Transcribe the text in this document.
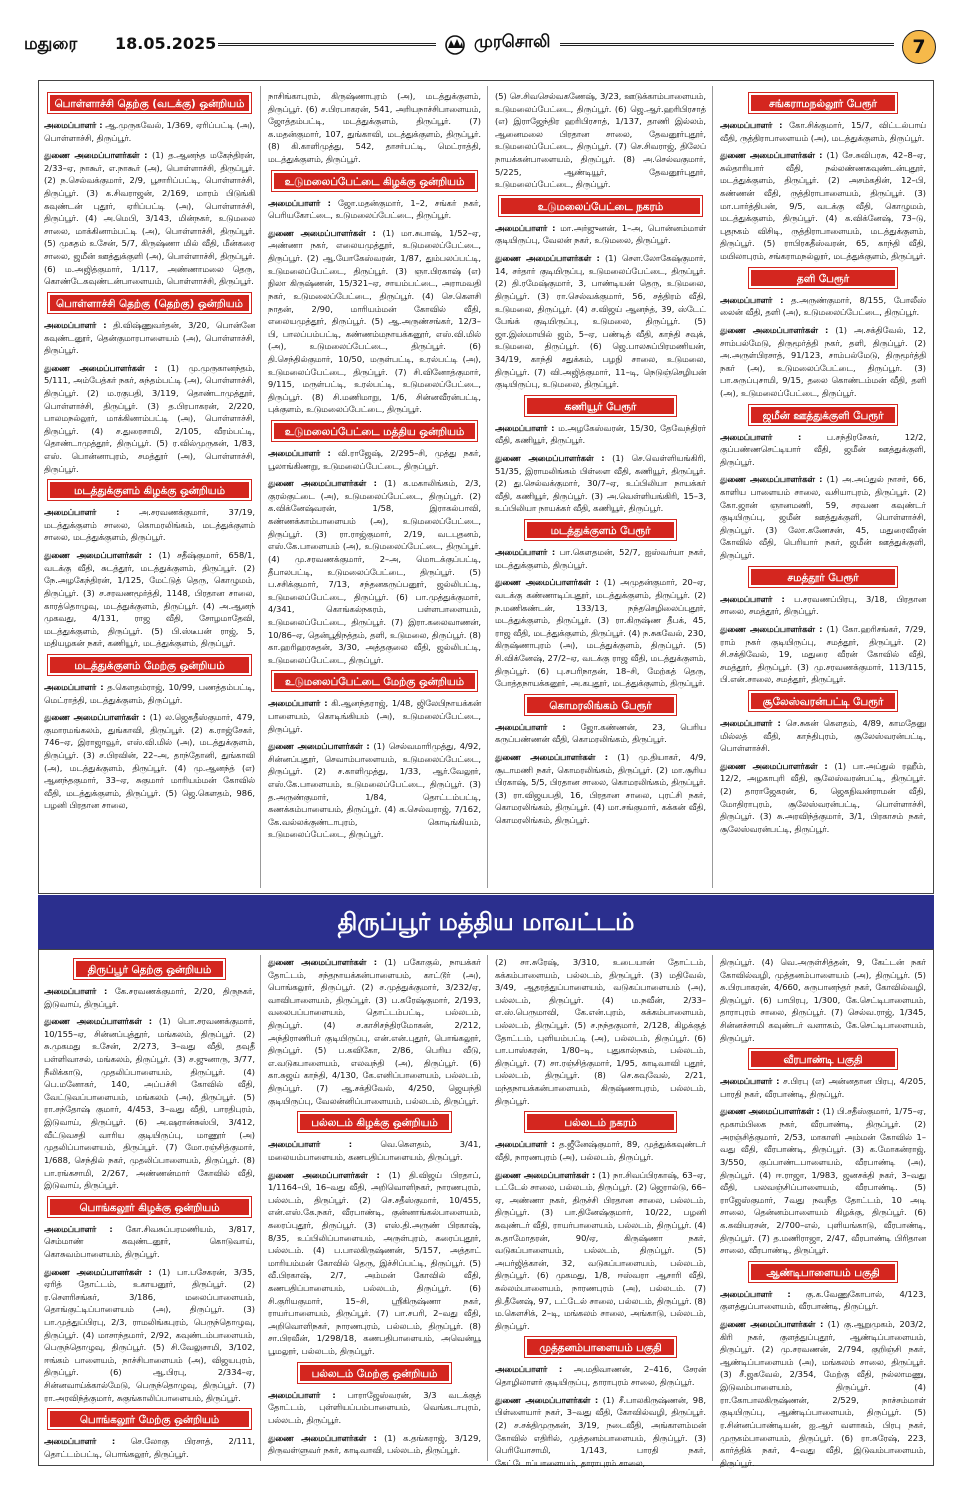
மதுரை 18.05.2025	முரசொலி	7
பொள்ளாச்சி தெற்கு (வடக்கு) ஒன்றியம்

அமைப்பாளர் : ஆ.முருகவேல், 1/369, ஏரிப்பட்டி (அ), பொள்ளாச்சி, திருப்பூர்.

துணை அமைப்பாளர்கள் : (1) த.ஆனந்த மகேந்திரன், 2/33–ஏ, நாகூர், எ.நாகூர் (அ), பொள்ளாச்சி, திருப்பூர். (2) ந.செல்வக்குமார், 2/9, பூசாரிப்பட்டி, பொள்ளாச்சி, திருப்பூர். (3) க.சிவராஜன், 2/169, மாரம் பிடுங்கி கவுண்டன் புதூர், ஏரிப்பட்டி (அ), பொள்ளாச்சி, திருப்பூர். (4) அ.மெபி, 3/143, மின்நகர், உடுமலை சாலை, மாக்கினாம்பட்டி (அ), பொள்ளாச்சி, திருப்பூர். (5) முகதம் உசேன், 5/7, கிருஷ்ணா மில் வீதி, மீன்கரை சாலை, ஜமீன் ஊத்துக்குளி (அ), பொள்ளாச்சி, திருப்பூர். (6) ம.அஜித்குமார், 1/117, அண்ணாமலை தெரு, கொண்டேகவுண்டன்பாளையம், பொள்ளாச்சி, திருப்பூர்.

பொள்ளாச்சி தெற்கு (தெற்கு) ஒன்றியம்

அமைப்பாளர் : தி.விஷ்ணுவர்தன், 3/20, பொன்னே கவுண்டனூர், தென்குமாரபாளையம் (அ), பொள்ளாச்சி, திருப்பூர்.

துணை அமைப்பாளர்கள் : (1) மு.முருகானந்தம், 5/111, அம்பேத்கர் நகர், சுந்தம்பட்டி (அ), பொள்ளாச்சி, திருப்பூர். (2) ம.ரகுபதி, 3/119, தொண்டாமுத்தூர், பொள்ளாச்சி, திருப்பூர். (3) த.பிரபாகரன், 2/220, பாலமநல்லூர், மாக்கினாம்பட்டி (அ), பொள்ளாச்சி, திருப்பூர். (4) ச.துரைசாமி, 2/105, வீரம்பட்டி, தொண்டாமுத்தூர், திருப்பூர். (5) ர.வில்முருகன், 1/83, எஸ். பொன்னாபுரம், சமத்தூர் (அ), பொள்ளாச்சி, திருப்பூர்.

மடத்துக்குளம் கிழக்கு ஒன்றியம்

அமைப்பாளர் : அ.சரவணக்குமார், 37/19, மடத்துக்குளம் சாலை, கொமரலிங்கம், மடத்துக்குளம் சாலை, மடத்துக்குளம், திருப்பூர்.

துணை அமைப்பாளர்கள் : (1) சதீஷ்குமார், 658/1, வடக்கு வீதி, சுடத்தூர், மடத்துக்குளம், திருப்பூர். (2) நே.அழகேந்திரன், 1/125, மேட்டுத் தெரு, கொழுமம், திருப்பூர். (3) ச.சரவணமூர்த்தி, 1148, பிரதான சாலை, காரத்தொழுவு, மடத்துக்குளம், திருப்பூர். (4) அ.ஆனந் முகவது, 4/131, ராஜ வீதி, சோழமாதேவி, மடத்துக்குளம், திருப்பூர். (5) பி.ஸ்டீபன் ராஜ், 5, மதியழகன் நகர், கணியூர், மடத்துக்குளம், திருப்பூர்.

மடத்துக்குளம் மேற்கு ஒன்றியம்

அமைப்பாளர் : த.கௌதம்ராஜ், 10/99, பணத்தம்பட்டி, மெட்ராத்தி, மடத்துக்குளம், திருப்பூர்.

துணை அமைப்பாளர்கள் : (1) ல.ஜெகதீஸ்குமார், 479, குமாரமங்கலம், துங்காவி, திருப்பூர். (2) க.ராஜ்சேகர், 746–ஏ, இராஜாவூர், எஸ்.வி.மில் (அ), மடத்துக்குளம், திருப்பூர். (3) ச.பிரவின், 22–அ, தாந்தோனி, துங்காவி (அ), மடத்துக்குளம், திருப்பூர். (4) மு.ஆனந்த் (எ) ஆனந்தகுமார், 33–ஏ, சுகுமார் மாரியம்மன் கோவில் வீதி, மடத்துக்குளம், திருப்பூர். (5) ஜெ.கௌதம், 986, பழனி பிரதான சாலை,

நாசிங்காபுரம், கிருஷ்ணாபுரம் (அ), மடத்துக்குளம், திருப்பூர். (6) ச.பிரபாகரன், 541, அரியநாச்சிபாளையம், ஜோத்தம்பட்டி, மடத்துக்குளம், திருப்பூர். (7) க.மதன்குமார், 107, துங்காவி, மடத்துக்குளம், திருப்பூர். (8) கி.காளிமுத்து, 542, தாசர்பட்டி, மெட்ராத்தி, மடத்துக்குளம், திருப்பூர்.

உடுமலைப்பேட்டை கிழக்கு ஒன்றியம்

அமைப்பாளர் : ஜோ.மதன்குமார், 1–2, சங்கர் நகர், பெரியகோட்டை, உடுமலைப்பேட்டை, திருப்பூர்.

துணை அமைப்பாளர்கள் : (1) மா.சுபாஷ், 1/52–ஏ, அண்ணா நகர், எலையமுத்தூர், உடுமலைப்பேட்டை, திருப்பூர். (2) ஆ.யோகேஸ்வரன், 1/87, தும்பலப்பட்டி, உடுமலைப்பேட்டை, திருப்பூர். (3) ஞா.பிரகாஷ் (எ) நிலா கிருஷ்ணன், 15/321–ஏ, சாயம்பட்டை, அராமவதி நகர், உடுமலைப்பேட்டை, திருப்பூர். (4) செ.கௌசி நாதன், 2/90, மாரியம்மன் கோவில் வீதி, எலையமுத்தூர், திருப்பூர். (5) ஆ.அருண்சங்கர், 12/3–பி, பாலப்பம்பட்டி, கண்ணம்மநாயக்கனூர், எஸ்.வி.மில் (அ), உடுமலைப்பேட்டை, திருப்பூர். (6) தி.செந்தில்குமார், 10/50, மருள்பட்டி, உரல்பட்டி (அ), உடுமலைப்பேட்டை, திருப்பூர். (7) சி.வினோத்குமார், 9/115, மருள்பட்டி, உரல்பட்டி, உடுமலைப்பேட்டை, திருப்பூர். (8) சி.மணிமாறு, 1/6, சின்னவீரன்பட்டி, புக்குளம், உடுமலைப்பேட்டை, திருப்பூர்.

உடுமலைப்பேட்டை மத்திய ஒன்றியம்

அமைப்பாளர் : வி.ராஜேஷ், 2/295–சி, முத்து நகர், பூலாங்கிணறு, உடுமலைப்பேட்டை, திருப்பூர்.

துணை அமைப்பாளர்கள் : (1) க.மகாலிங்கம், 2/3, குரல்குட்டை (அ), உடுமலைப்பேட்டை, திருப்பூர். (2) க.விக்னேஷ்வரன், 1/58, இராகல்பாவி, கண்ணக்காம்பாளையம் (அ), உடுமலைப்பேட்டை, திருப்பூர். (3) ரா.ராஜ்குமார், 2/19, வடபுதனம், எஸ்.கே.பாளையம் (அ), உடுமலைப்பேட்டை, திருப்பூர். (4) மு.சரவணக்குமார், 2–அ, மொடக்குப்பட்டி, தீபாலபட்டி, உடுமலைப்பேட்டை, திருப்பூர். (5) ப.சசிக்குமார், 7/13, சந்தனகருப்பனூர், ஜல்லிபட்டி, உடுமலைப்பேட்டை, திருப்பூர். (6) பா.முத்துக்குமார், 4/341, கொங்கல்நகரம், பள்ளபாளையம், உடுமலைப்பேட்டை, திருப்பூர். (7) இரா.கலைவாணன், 10/86–ஏ, தென்பூதிநத்தம், தளி, உடுமலை, திருப்பூர். (8) கா.ஹரிஹரசுதன், 3/30, அத்தகுலை வீதி, ஜல்லிபட்டி, உடுமலைப்பேட்டை, திருப்பூர்.

உடுமலைப்பேட்டை மேற்கு ஒன்றியம்

அமைப்பாளர் : கி.ஆனந்தராஜ், 1/48, ஜிலேபிநாயக்கன் பாளையம், கொடிங்கியம் (அ), உடுமலைப்பேட்டை, திருப்பூர்.

துணை அமைப்பாளர்கள் : (1) செல்வமாரிமுத்து, 4/92, சின்னப்புதூர், செவாம்பாளையம், உடுமலைப்பேட்டை, திருப்பூர். (2) ச.காளிமுத்து, 1/33, ஆர்.வேலூர், எஸ்.கே.பாளையம், உடுமலைப்பேட்டை, திருப்பூர். (3) த.அருண்குமார், 1/84, தொட்டம்பட்டி, கணக்கம்பாளையம், திருப்பூர். (4) க.செல்வராஜ், 7/162, கே.வல்லக்குண்டாபுரம், கொடிங்கியம், உடுமலைப்பேட்டை, திருப்பூர்.

(5) செ.சிவசெல்வகணேஷ், 3/23, ஊடுக்காம்பாளையம், உடுமலைப்பேட்டை, திருப்பூர். (6) ஜெ.ஆர்.ஹரிபிரசாத் (எ) இராஜேந்திர ஹரிபிரசாத், 1/137, தாணி இல்லம், ஆனைமலை பிரதான சாலை, தேவனூர்புதூர், உடுமலைப்பேட்டை, திருப்பூர். (7) செ.சிவராஜ், திலேப் நாயக்கன்பாளையம், திருப்பூர். (8) அ.செல்வகுமார், 5/225, ஆண்டியூர், தேவனூர்புதூர், உடுமலைப்பேட்டை, திருப்பூர்.

உடுமலைப்பேட்டை நகரம்

அமைப்பாளர் : மா.அர்ஜுனன், 1–அ, பொன்னம்மாள் குடியிருப்பு, வேலன் நகர், உடுமலை, திருப்பூர்.

துணை அமைப்பாளர்கள் : (1) செள.லோகேஷ்குமார், 14, சர்தார் குடியிருப்பு, உடுமலைப்பேட்டை, திருப்பூர். (2) தி.ரமேஷ்குமார், 3, பாண்டியன் தெரு, உடுமலை, திருப்பூர். (3) ரா.செல்வக்குமார், 56, சத்திரம் வீதி, உடுமலை, திருப்பூர். (4) ச.விஜய் ஆனந்த், 39, ஸ்டேட் பேங்க் குடியிருப்பு, உடுமலை, திருப்பூர். (5) ஜா.இஸ்மாயில் ஜம், 5–ஏ, பண்டித் வீதி, காந்தி சவுக், உடுமலை, திருப்பூர். (6) ஜெ.பாலசுப்பிரமணியன், 34/19, காந்தி சதுக்கம், பழநி சாலை, உடுமலை, திருப்பூர். (7) வி.அஜித்குமார், 11–டி, நெடுஞ்செழியன் குடியிருப்பு, உடுமலை, திருப்பூர்.

கணியூர் பேரூர்

அமைப்பாளர் : ம.அழகேஸ்வரன், 15/30, தேவேந்திரர் வீதி, கணியூர், திருப்பூர்.

துணை அமைப்பாளர்கள் : (1) செ.வெள்ளியங்கிரி, 51/35, இராமலிங்கம் பிள்ளை வீதி, கணியூர், திருப்பூர். (2) து.செல்வக்குமார், 30/7–ஏ, உப்பிலியா நாயக்கர் வீதி, கணியூர், திருப்பூர். (3) அ.வெள்ளியங்கிரி, 15–3, உப்பிலியா நாயக்கர் வீதி, கணியூர், திருப்பூர்.

மடத்துக்குளம் பேரூர்

அமைப்பாளர் : பா.கௌதமன், 52/7, ஐஸ்வர்யா நகர், மடத்துக்குளம், திருப்பூர்.

துணை அமைப்பாளர்கள் : (1) அமுதன்குமார், 20–ஏ, வடக்கு கண்ணாடிப்புதூர், மடத்துக்குளம், திருப்பூர். (2) ந.மணிகண்டன், 133/13, நந்தசெழிலைப்புதூர், மடத்துக்குளம், திருப்பூர். (3) ரா.கிருஷ்ண தீபக், 45, ராஜ வீதி, மடத்துக்குளம், திருப்பூர். (4) ந.சுகவேல், 230, கிருஷ்ணாபுரம் (அ), மடத்துக்குளம், திருப்பூர். (5) சி.விக்னேஷ், 27/2–ஏ, வடக்கு ராஜ வீதி, மடத்துக்குளம், திருப்பூர். (6) பு.சபரிநாதன், 18–சி, மேற்கத் தெரு, போத்தநாயக்கனூர், அ.கபுதூர், மடத்துக்குளம், திருப்பூர்.

கொமரலிங்கம் பேரூர்

அமைப்பாளர் : ஜோ.கண்ணன், 23, பெரிய கருப்பண்ணன் வீதி, கொமரலிங்கம், திருப்பூர்.

துணை அமைப்பாளர்கள் : (1) மு.தியாகர், 4/9, சூடாமணி நகர், கொமரலிங்கம், திருப்பூர். (2) மா.சூரிய பிரகாஷ், 5/5, பிரதான சாலை, கொமரலிங்கம், திருப்பூர். (3) ரா.விஜயபதி, 16, பிரதான சாலை, புரட்சி நகர், கொமரலிங்கம், திருப்பூர். (4) மா.சங்குமார், கக்கன் வீதி, கொமரலிங்கம், திருப்பூர்.

சங்கராமநல்லூர் பேரூர்

அமைப்பாளர் : கோ.சிக்குமார், 15/7, விட்டல்பாய் வீதி, ருத்திராபாளையம் (அ), மடத்துக்குளம், திருப்பூர்.

துணை அமைப்பாளர்கள் : (1) சே.சுவிபரசு, 42–8–ஏ, சுல்தாரியார் வீதி, நல்லண்ணகவுண்டன்புதூர், மடத்துக்குளம், திருப்பூர். (2) அசம்கதின், 12–பி, கண்ணன் வீதி, ருத்திராபாளையம், திருப்பூர். (3) மா.பார்த்திபன், 9/5, வடக்கு வீதி, கொழுமம், மடத்துக்குளம், திருப்பூர். (4) க.விக்னேஷ், 73–டு, புதநகம் விசிடி, ருத்திராபாளையம், மடத்துக்குளம், திருப்பூர். (5) ராபிரகதீஸ்வரன், 65, காந்தி வீதி, மயிலாபுரம், சங்கராமநல்லூர், மடத்துக்குளம், திருப்பூர்.

தளி பேரூர்

அமைப்பாளர் : த.அருண்குமார், 8/155, போலீஸ் லைன் வீதி, தளி (அ), உடுமலைப்பேட்டை, திருப்பூர்.

துணை அமைப்பாளர்கள் : (1) அ.சக்திவேல், 12, சாம்பல்மேடு, திருமூர்த்தி நகர், தளி, திருப்பூர். (2) அ.அருள்பிரசாத், 91/123, சாம்பல்மேடு, திருமூர்த்தி நகர் (அ), உடுமலைப்பேட்டை, திருப்பூர். (3) பா.சுருப்புசாமி, 9/15, தலை கொண்டம்மன் வீதி, தளி (அ), உடுமலைப்பேட்டை, திருப்பூர்.

ஜமீன் ஊத்துக்குளி பேரூர்

அமைப்பாளர் :	ப.சந்திரசேகர், 12/2, குப்பண்ணசெட்டியார் வீதி, ஜமீன் ஊத்துக்குளி, திருப்பூர்.

துணை அமைப்பாளர்கள் : (1) அ.அப்துல் நாசர், 66, காளிய பாளையம் சாலை, வசியாபுரம், திருப்பூர். (2) கோ.ஜான் ஞானமணி, 59, சரவண கவுண்டர் குடியிருப்பு, ஜமீன் ஊத்துக்குளி, பொள்ளாச்சி, திருப்பூர். (3) லோ.கணேசன், 45, மதுரைவீரன் கோவில் வீதி, பெரியார் நகர், ஜமீன் ஊத்துக்குளி, திருப்பூர்.

சமத்தூர் பேரூர்

அமைப்பாளர் : ப.சரவணப்பிரபு, 3/18, பிரதான சாலை, சமத்தூர், திருப்பூர்.

துணை அமைப்பாளர்கள் : (1) கோ.ஹரிசங்கர், 7/29, ராம் நகர் குடியிருப்பு, சமத்தூர், திருப்பூர். (2) சி.சக்திவேல், 19, மதுரை வீரன் கோவில் வீதி, சமத்தூர், திருப்பூர். (3) மு.சரவணக்குமார், 113/115, பி.என்.சாலை, சமத்தூர், திருப்பூர்.

சூலேஸ்வரன்பட்டி பேரூர்

அமைப்பாளர் : செ.சுகன் கௌதம், 4/89, காமதேனு மில்லத் வீதி, காந்திபுரம், சூலேஸ்வரன்பட்டி, பொள்ளாச்சி.

துணை அமைப்பாளர்கள் : (1) பா.அப்துல் ரஹீம், 12/2, அழகாபுரி வீதி, சூலேஸ்வரன்பட்டி, திருப்பூர். (2) தாராஜேகரன், 6, ஜெகநிவன்ராமன் வீதி, மோதிராபுரம், சூலேஸ்வரன்பட்டி, பொள்ளாச்சி, திருப்பூர். (3) சு.அரவிந்த்குமார், 3/1, பிரகாசம் நகர், சூலேஸ்வரன்பட்டி, திருப்பூர்.

திருப்பூர் மத்திய மாவட்டம்
திருப்பூர் தெற்கு ஒன்றியம்

அமைப்பாளர் : கே.சரவணக்குமார், 2/20, திருநகர், இடுவாய், திருப்பூர்.

துணை அமைப்பாளர்கள் : (1) பொ.சரவணக்குமார், 10/155–ஏ, சின்னப்புத்தூர், மங்கலம், திருப்பூர். (2) சு.முகமது உசேன், 2/273, 3–வது வீதி, தவுதீ பள்ளிவாசல், மங்கலம், திருப்பூர். (3) ச.ஜுனாரு, 3/77, நீலிக்காடு, முதலிப்பாளையம், திருப்பூர். (4) பெ.மனோகர், 140, அப்பச்சி கோவில் வீதி, வேட்டுவப்பாளையம், மங்கலம் (அ), திருப்பூர். (5) ரா.சந்தோஷ் குமார், 4/453, 3–வது வீதி, பாரதிபுரம், இடுவாய், திருப்பூர். (6) அ.ஷரான்சுஸ்பி, 3/412, வீட்டுவசதி வாரிய குடியிருப்பு, மாணூர் (அ) முதலிப்பாளையம், திருப்பூர். (7) மோ.ரஞ்சித்குமார், 1/688, செந்தில் நகர், முதலிப்பாளையம், திருப்பூர். (8) பா.ரங்கசாமி, 2/267, அண்ணன்மார் கோவில் வீதி, இடுவாய், திருப்பூர்.

பொங்கலூர் கிழக்கு ஒன்றியம்

அமைப்பாளர் : கோ.சிவசுப்பரமணியம், 3/817, செம்மாண் கவுண்டனூர், கொடுவாய், கொசுவம்பாளையம், திருப்பூர்.

துணை அமைப்பாளர்கள் : (1) பா.பசேகரன், 3/35, ஏரித் தோட்டம், உகாயனூர், திருப்பூர். (2) ர.செளரிசங்கர், 3/186, மலைப்பாளையம், தொங்குட்டிப்பாளையம் (அ), திருப்பூர். (3) பா.முத்துப்பிரபு, 2/3, ராமலிங்கபுரம், பெருந்தொழுவு, திருப்பூர். (4) மாசாந்தமார், 2/92, கவுண்டம்பாளையம், பெருந்தொழுவு, திருப்பூர். (5) சி.வேலுசாமி, 3/102, ஈங்கம் பாளையம், நாச்சிபாளையம் (அ), விஜயபுரம், திருப்பூர். (6) ஆ.பிரபு, 2/334–ஏ, சின்னவாய்க்கால்மேடு, பெருந்தொழுவு, திருப்பூர். (7) ரா.அரவிந்த்குமார், சுகுங்காலிப்பாளையம், திருப்பூர்.

பொங்கலூர் மேற்கு ஒன்றியம்

அமைப்பாளர் : செ.லோகு பிரசாத், 2/111, தொட்டம்பட்டி, பொங்கலூர், திருப்பூர்.

துணை அமைப்பாளர்கள் : (1) பகோகுல், நாயக்கர் தோட்டம், சந்தநாயக்கன்பாளையம், காட்டூர் (அ), பொங்கலூர், திருப்பூர். (2) ச.முத்துக்குமார், 3/232/ஏ, வாவிபாளையம், திருப்பூர். (3) ப.கரேஷ்குமார், 2/193, வலைபப்பாளையம், தொட்டம்பட்டி, பல்லடம், திருப்பூர். (4) ச.காசிசந்திரமோகன், 2/212, அந்திராணிபர் குடியிருப்பு, என்.என்.புதூர், பொங்கலூர், திருப்பூர். (5) ப.கவிகோ, 2/86, பெரிய வீடு, எ.வடுகபாளையம், எலவந்தி (அ), திருப்பூர். (6) கா.சுஜய் காந்தி, 4/130, கே.எனிப்பாளையம், பல்லடம், திருப்பூர். (7) ஆ.சக்திவேல், 4/250, ஜெயந்தி குடியிருப்பு, வேலன்னிப்பாளையம், பல்லடம், திருப்பூர்.

பல்லடம் கிழக்கு ஒன்றியம்

அமைப்பாளர் :	வெ.கௌதம், 3/41, மலையம்பாளையம், கணபதிப்பாளையம், திருப்பூர்.

துணை அமைப்பாளர்கள் : (1) தி.விஜய் பிரதாப், 1/1164–பி, 16–வது வீதி, அறிவொளிநகர், நாரணபுரம், பல்லடம், திருப்பூர். (2) செ.சதீஸ்குமார், 10/455, என்.எஸ்.கே.நகர், வீரபாண்டி, குன்னாங்கல்பாளையம், கரைப்புதூர், திருப்பூர். (3) எஸ்.தி.அருண் பிரகாஷ், 8/35, உப்பிலிப்பாளையம், அருள்புரம், கரைப்புதூர், பல்லடம். (4) ப.பாலகிருஷ்ணன், 5/157, அத்தாட் மாரியம்மன் கோவில் தெரு, இச்சிப்பட்டி, திருப்பூர். (5) வீ.பிரகாஷ், 2/7, அம்மன் கோவில் வீதி, கணபதிப்பாளையம், பல்லடம், திருப்பூர். (6) சி.குரியகுமார், 15–சி, ஸ்ரீகிருஷ்ணா நகர், ராயர்பாளையம், திருப்பூர். (7) பா.சபரி, 2–வது வீதி, அறிவொளிநகர், நாரணபுரம், பல்லடம், திருப்பூர். (8) சா.பிரவீன், 1/298/18, கணபதிபாளையம், அவென்யூ பூமலூர், பல்லடம், திருப்பூர்.

பல்லடம் மேற்கு ஒன்றியம்

அமைப்பாளர் : பாராஜேஸ்வரன், 3/3 வடக்குத் தோட்டம், புள்ளியப்பம்பாளையம், வெங்கடாபுரம், பல்லடம், திருப்பூர்.

துணை அமைப்பாளர்கள் : (1) க.தங்கராஜ், 3/129, திருவள்ளுவர் நகர், காடிவாவி, பல்லடம், திருப்பூர்.

(2) சா.சுரேஷ், 3/310, உடையான் தோட்டம், கக்கம்பாளையம், பல்லடம், திருப்பூர். (3) மதிவேல், 3/49, ஆதரத்துப்பாளையம், வடுகப்பாளையம் (அ), பல்லடம், திருப்பூர். (4) ம.நவீன், 2/33–எ.ஸ்.பெருமாவி, கே.என்.புரம், கக்கம்பாளையம், பல்லடம், திருப்பூர். (5) ச.நந்தகுமார், 2/128, கிழக்குத் தோட்டம், புளியம்பட்டி (அ), பல்லடம், திருப்பூர். (6) பா.பாஸ்கரன், 1/80–டி, புதுகால்நகம், பல்லடம், திருப்பூர். (7) சா.ரஞ்சித்குமார், 1/95, காடிவாவி புதூர், பல்லடம், திருப்பூர். (8) செ.கவுவேல், 2/21, மந்தநாயக்கன்பாளையம், கிருஷ்ணாபுரம், பல்லடம், திருப்பூர்.

பல்லடம் நகரம்

அமைப்பாளர் : த.ஜீனேஷ்குமார், 89, முத்துக்கவுண்டர் வீதி, நாரணபுரம் (அ), பல்லடம், திருப்பூர்.

துணை அமைப்பாளர்கள் : (1) நா.சிவப்பிரகாஷ், 63–ஏ, டட்டேல் சாலை, பல்லடம், திருப்பூர். (2) ஜெரால்டு, 66–ஏ, அண்ணா நகர், திருச்சி பிரதான சாலை, பல்லடம், திருப்பூர். (3) பா.தினேஷ்குமார், 10/22, பழனி கவுண்டர் வீதி, ராயர்பாளையம், பல்லடம், திருப்பூர். (4) சு.தாமோதரன், 90/ஏ, கிருஷ்ணா நகர், வடுகப்பாளையம், பல்லடம், திருப்பூர். (5) அபர்ஜித்கான், 32, வடுகப்பாளையம், பல்லடம், திருப்பூர். (6) முகமது, 1/8, ஈஸ்வரா ஆசாரி வீதி, கல்லம்பாளையம், நாரணபுரம் (அ), பல்லடம். (7) தி.தீனேஷ், 97, டட்டேல் சாலை, பல்லடம், திருப்பூர். (8) ம.கௌசிக், 2–டி, மங்கலம் சாலை, அங்காடு, பல்லடம், திருப்பூர்.

முத்தனம்பாளையம் பகுதி

அமைப்பாளர் : அ.மதிவாணன், 2–416, சேரன் தொழிலாளர் குடியிருப்பு, தாராபுரம் சாலை, திருப்பூர்.

துணை அமைப்பாளர்கள் : (1) சீ.பாலகிருஷ்ணன், 98, பிள்ளையார் நகர், 3–வது வீதி, கோவில்வழி, திருப்பூர். (2) ச.சக்திமுருகன், 3/19, நடைவீதி, அங்காளம்மன் கோவில் எதிரில், முத்தனம்பாளையம், திருப்பூர். (3) பெரியோசாமி, 1/143, பாரதி நகர், கேட்டோப்பாளையம், தாராபுரம் சாலை,

திருப்பூர். (4) வெ.அருள்சித்தன், 9, கேட்டன் நகர் கோவில்வழி, முத்தனம்பாளையம் (அ), திருப்பூர். (5) சு.பிரபாகரன், 4/660, சுருபானந்தர் நகர், கோவில்வழி, திருப்பூர். (6) பாபிரபு, 1/300, கே.செட்டிபாளையம், தாராபுரம் சாலை, திருப்பூர். (7) செல்வ.ராஜ், 1/345, சின்னச்சாமி கவுண்டர் வளாகம், கே.செட்டிபாளையம், திருப்பூர்.

வீரபாண்டி பகுதி

அமைப்பாளர் : ச.பிரபு (எ) அன்னதான பிரபு, 4/205, பாரதி நகர், வீரபாண்டி, திருப்பூர்.

துணை அமைப்பாளர்கள் : (1) பி.சதீஸ்குமார், 1/75–ஏ, மூகாம்பிகை நகர், வீரபாண்டி, திருப்பூர். (2) அரஞ்சித்குமார், 2/53, மாகாளி அம்மன் கோவில் 1–வது வீதி, வீரபாண்டி, திருப்பூர். (3) க.மோகன்ராஜ், 3/550, குப்பாண்டபாளையம், வீரபாண்டி (அ), திருப்பூர். (4) ஈ.ராஜா, 1/983, ஜனசக்தி நகர், 3–வது வீதி, பலவஞ்சிப்பாளையம், வீரபாண்டி. (5) ராஜேஸ்குமார், 7வது நவநீத தோட்டம், 10 அடி சாலை, தென்னம்பாளையம் கிழக்கு, திருப்பூர். (6) க.கவியரசன், 2/700–எல், புளியங்காடு, வீரபாண்டி, திருப்பூர். (7) த.மணிராஜா, 2/47, வீரபாண்டி பிரிதான சாலை, வீரபாண்டி, திருப்பூர்.

ஆண்டிபாளையம் பகுதி

அமைப்பாளர் : கு.க.வேணுகோபால், 4/123, குளத்துப்பாளையம், வீரபாண்டி, திருப்பூர்.

துணை அமைப்பாளர்கள் : (1) கு.ஆறுமுகம், 203/2, கிரி நகர், குளத்துப்புதூர், ஆண்டிப்பாளையம், திருப்பூர். (2) மு.சரவணன், 2/794, குறிஞ்சி நகர், ஆண்டிப்பாளையம் (அ), மங்கலம் சாலை, திருப்பூர். (3) சீ.ஜகவேல், 2/354, மேற்கு வீதி, நல்லாமணு, இடுவம்பாளையம், திருப்பூர். (4) ரா.கோபாலகிருஷ்ணன், 2/529, நாச்சம்மாள் குடியிருப்பு, ஆண்டிப்பாளையம், திருப்பூர். (5) ர.சின்னப்பாண்டியன், ஐ.ஆர் வளாகம், பிரபு நகர், முருகம்பாளையம், திருப்பூர். (6) ரா.சுரேஷ், 223, கார்த்திக் நகர், 4–வது வீதி, இடுவம்பாளையம், திருப்பூர்.
